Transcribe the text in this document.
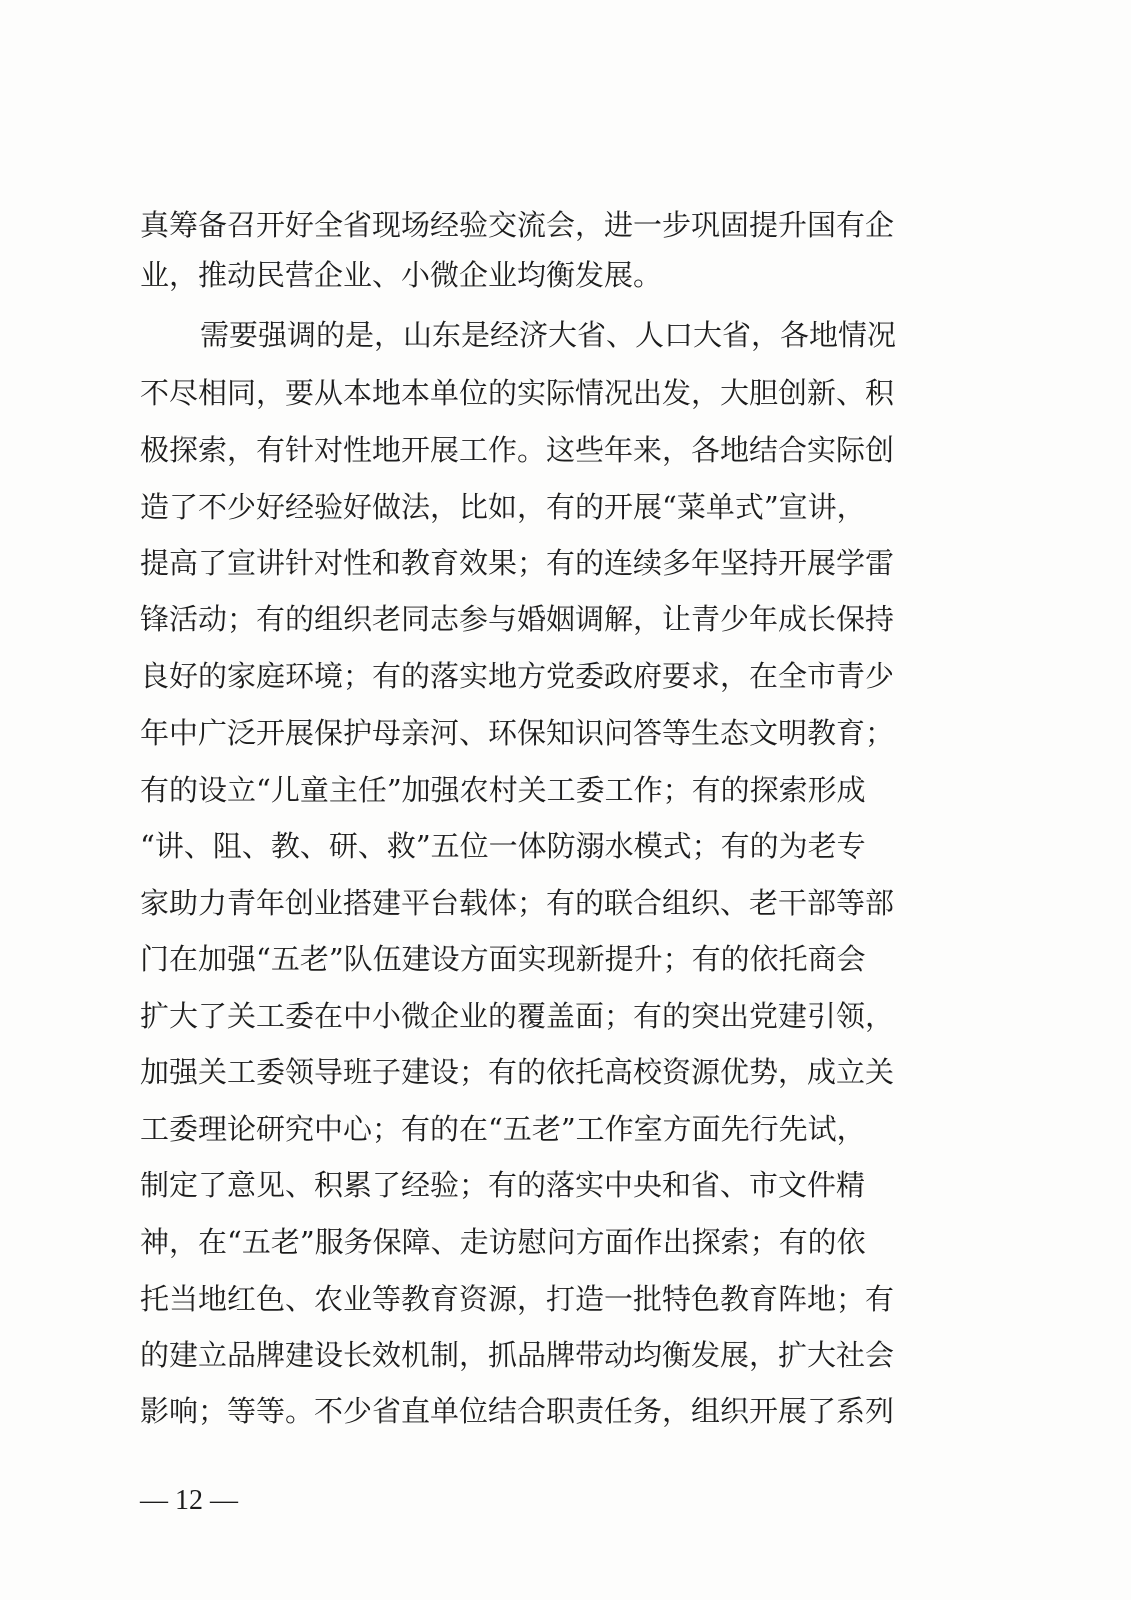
真筹备召开好全省现场经验交流会，进一步巩固提升国有企
业，推动民营企业、小微企业均衡发展。
需要强调的是，山东是经济大省、人口大省，各地情况
不尽相同，要从本地本单位的实际情况出发，大胆创新、积
极探索，有针对性地开展工作。这些年来，各地结合实际创
造了不少好经验好做法，比如，有的开展“菜单式”宣讲，
提高了宣讲针对性和教育效果；有的连续多年坚持开展学雷
锋活动；有的组织老同志参与婚姻调解，让青少年成长保持
良好的家庭环境；有的落实地方党委政府要求，在全市青少
年中广泛开展保护母亲河、环保知识问答等生态文明教育；
有的设立“儿童主任”加强农村关工委工作；有的探索形成
“讲、阻、教、研、救”五位一体防溺水模式；有的为老专
家助力青年创业搭建平台载体；有的联合组织、老干部等部
门在加强“五老”队伍建设方面实现新提升；有的依托商会
扩大了关工委在中小微企业的覆盖面；有的突出党建引领，
加强关工委领导班子建设；有的依托高校资源优势，成立关
工委理论研究中心；有的在“五老”工作室方面先行先试，
制定了意见、积累了经验；有的落实中央和省、市文件精
神，在“五老”服务保障、走访慰问方面作出探索；有的依
托当地红色、农业等教育资源，打造一批特色教育阵地；有
的建立品牌建设长效机制，抓品牌带动均衡发展，扩大社会
影响；等等。不少省直单位结合职责任务，组织开展了系列
— 12 —
